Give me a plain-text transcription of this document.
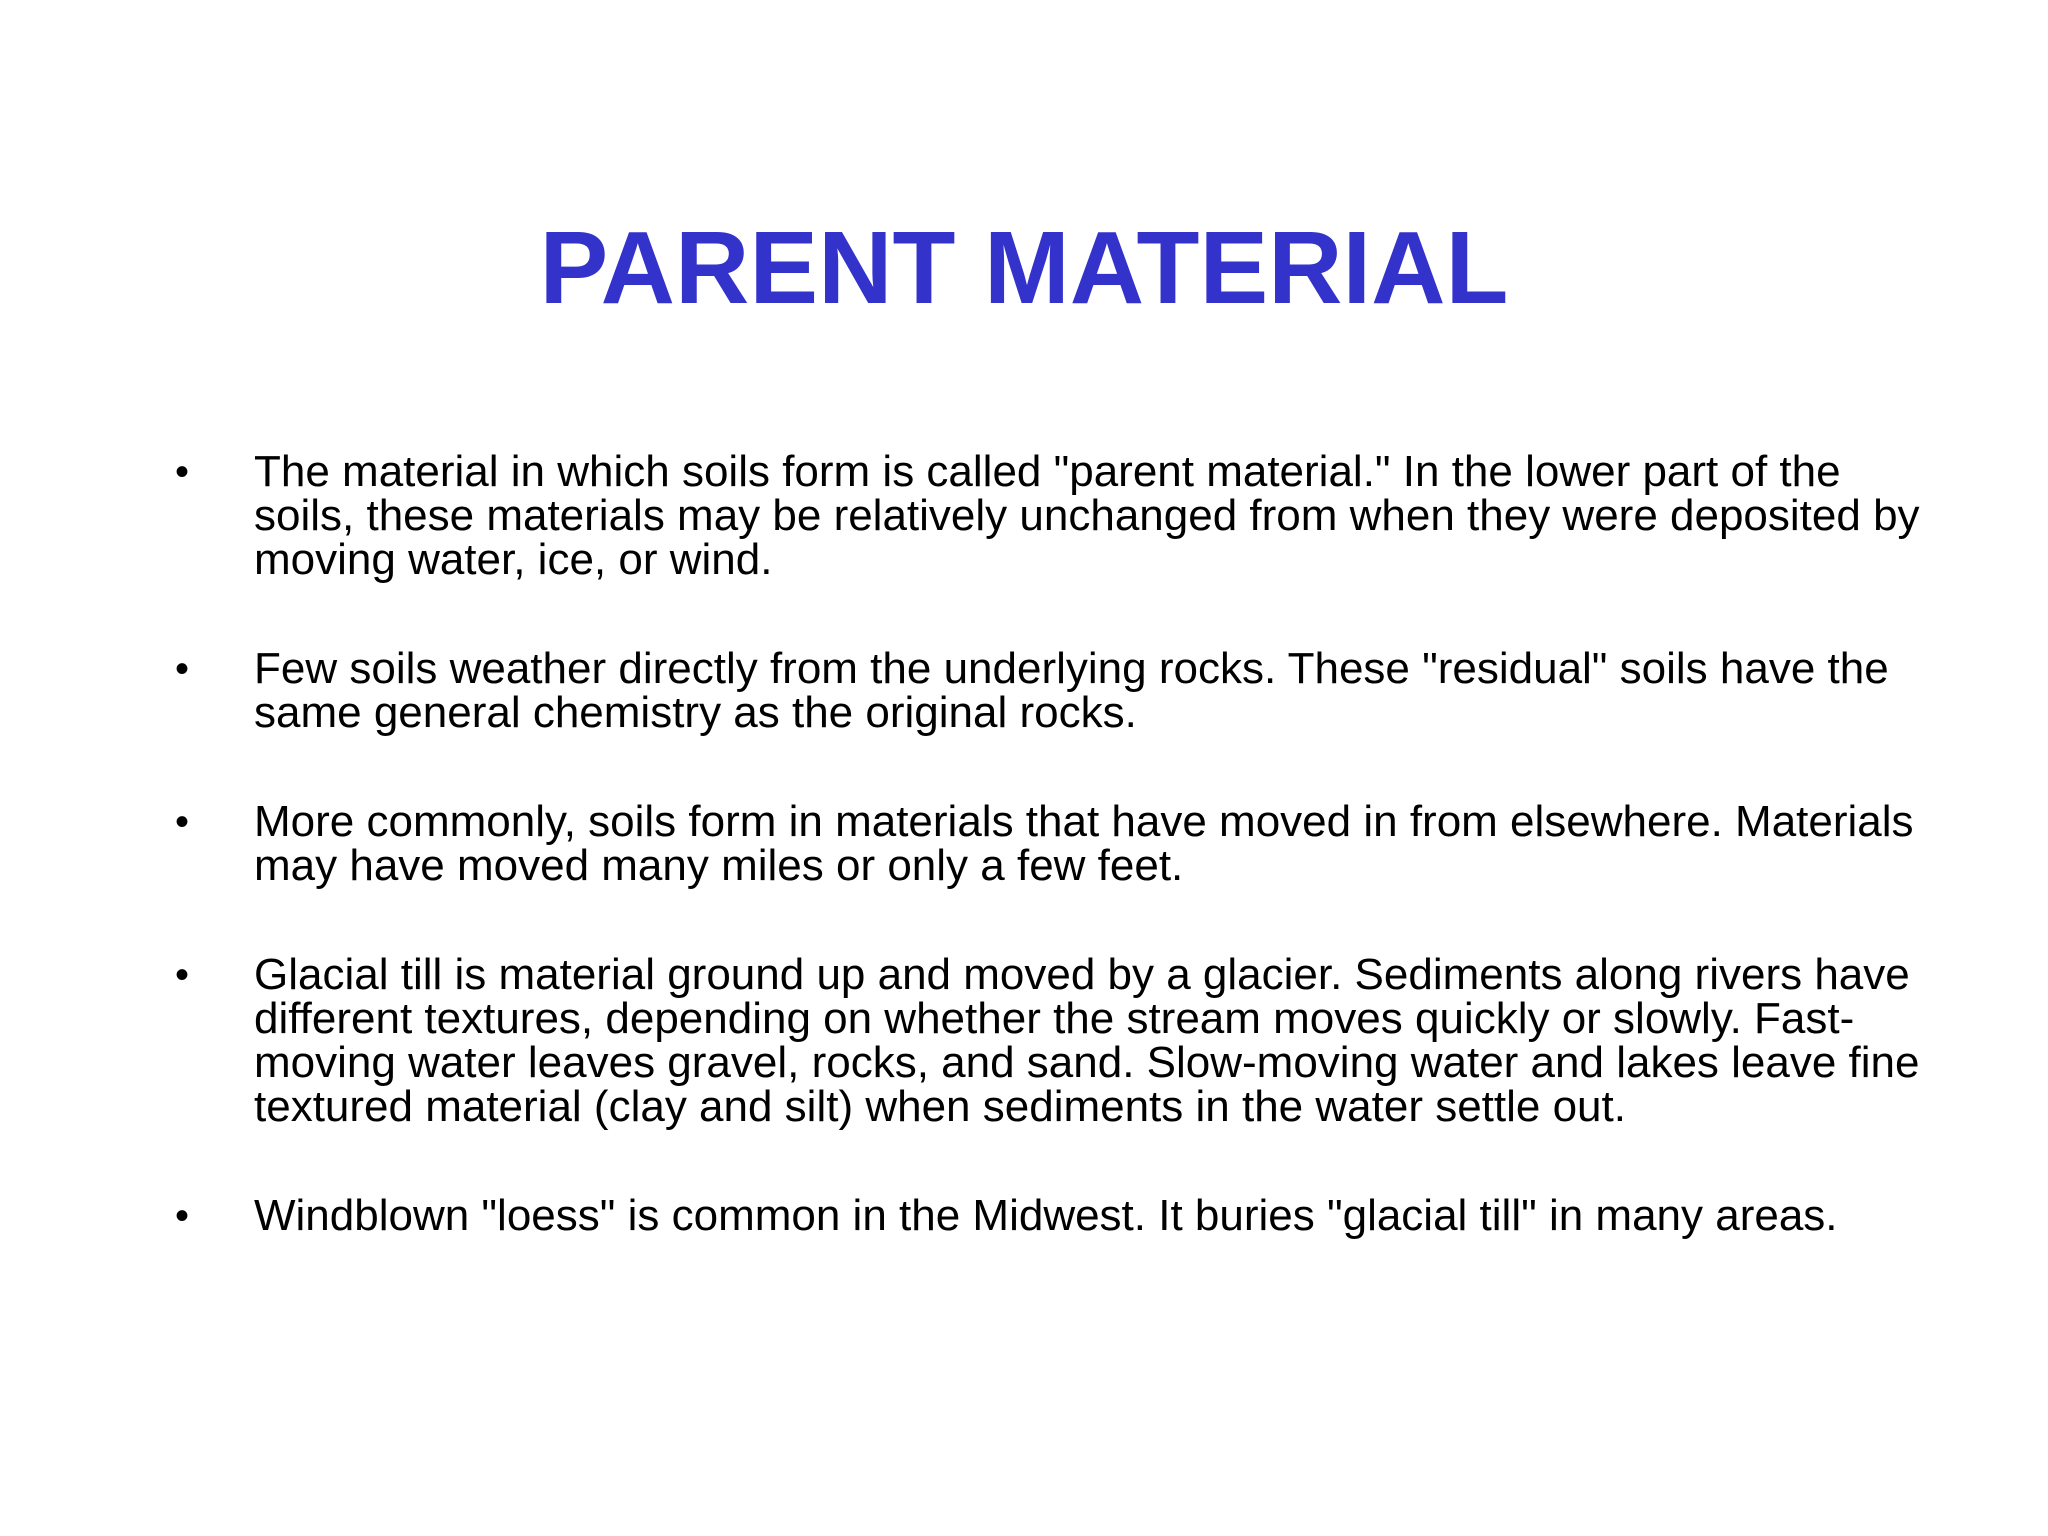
PARENT MATERIAL
• The material in which soils form is called "parent material." In the lower part of the soils, these materials may be relatively unchanged from when they were deposited by moving water, ice, or wind.

• Few soils weather directly from the underlying rocks. These "residual" soils have the same general chemistry as the original rocks.

• More commonly, soils form in materials that have moved in from elsewhere. Materials may have moved many miles or only a few feet.

• Glacial till is material ground up and moved by a glacier. Sediments along rivers have different textures, depending on whether the stream moves quickly or slowly. Fast-moving water leaves gravel, rocks, and sand. Slow-moving water and lakes leave fine textured material (clay and silt) when sediments in the water settle out.

• Windblown "loess" is common in the Midwest. It buries "glacial till" in many areas.
